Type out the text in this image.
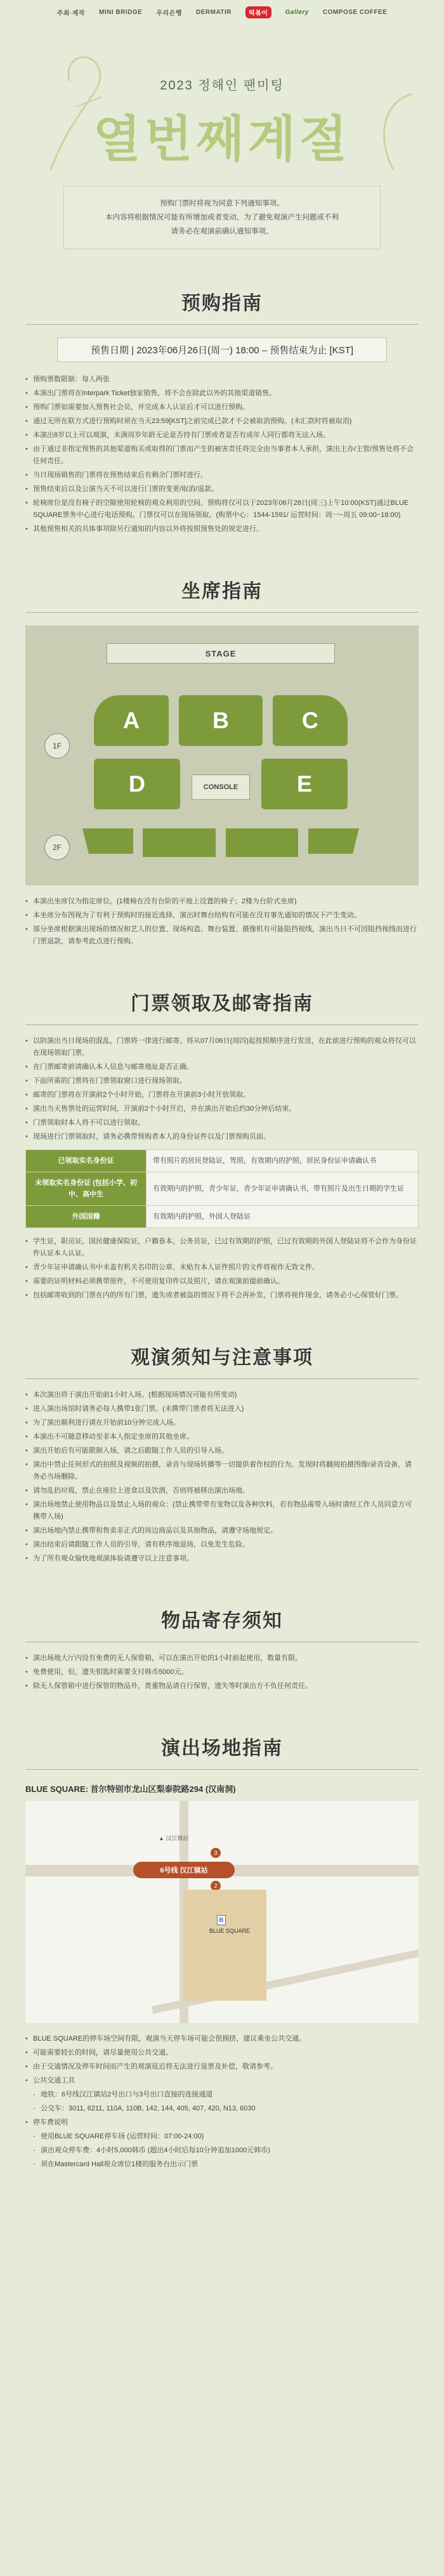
주최·제작 MINI BRIDGE 우리은행 DERMATIR	떡볶이	Gallery COMPOSE COFFEE
2023 정해인 팬미팅
열번째계절
预购门票时将视为同意下列通知事项。
本内容将根据情况可能有所增加或者变动，为了避免观演产生问题或不利
请务必在观演前确认通知事项。
预购指南
预售日期 | 2023年06月26日(周一) 18:00 – 预售结束为止 [KST]
• 预购票数限制：每人两张
• 本演出门票将在Interpark Ticket独家销售，将不会在除此以外的其他渠道销售。
• 预购门票如需要加入预售社会员，并完成本人认证后才可以进行预购。
• 通过无所在联方式进行预购时须在当天23:59[KST]之前完成已款才不会被取消预购。(未汇款时将被取消)
• 本演出8岁以上可以观演，未满周岁年龄无论是否持有门票或者是否有成年人同行都将无法入场。
• 由于通过非指定预售的其他渠道购买或取得的门票而产生的被害责任将完全由当事者本人承担，演出主办/主管/预售处将不会任何责任。
• 当日现场销售的门票将在预售结束后有剩余门票时进行。
• 预售结束后以及公演当天不可以进行门票的变更/取消/退款。
• 轮椅席位是没有椅子的空隙使用轮椅的观众利用的空间。预购将仅可以于2023年06月28日(周三)上午10:00(KST)通过BLUE SQUARE票务中心进行电话预购。门票仅可以在现场领取。(购票中心：1544-1591/ 运营时间：周一~周五 09:00~18:00)
• 其他预售相关的具体事项除另行通知的内容以外将按照预售处的规定进行。
坐席指南
STAGE
A	B	C
D	CONSOLE	E
1F
2F
• 本演出坐席仅为指定席位。(1楼椅在没有台阶的平地上设置的椅子；2楼为台阶式坐席)
• 本坐席分布图视为了有利于预购时的接近选择，演出时舞台结构有可能在没有事先通知的情况下产生变动。
• 部分坐席根据演出现场的情况和艺人的位置、现场构造、舞台装置、摄像机有可能阻挡视线，演出当日不可因阻挡视线而进行门票退款，请参考此点进行预购。
门票领取及邮寄指南
• 以防演出当日现场的混乱，门票将一律进行邮寄。将从07月06日(周四)起按照顺序进行发送，在此前进行预购的观众将仅可以在现场领取门票。
• 在门票邮寄前请确认本人信息与邮寄地址是否正确。
• 下面所需的门票将在门票领取窗口进行现场领取。
• 邮寄的门票将在开演前2个小时开始，门票将在开演前3小时开放领取。
• 演出当天售票处的运营时间，开演前2个小时开启，并在演出开始后约30分钟后结束。
• 门票领取时本人将不可以进行领取。
• 现场进行门票领取时，请务必携带预购者本人的身份证件以及门票预购页面。
已领取实名身份证	带有照片的居民登陆证，驾照，有效期内的护照，居民身份证申请确认书
未领取实名身份证 (包括小学、初中、高中生	有效期内的护照，青少年证，青少年证申请确认书，带有照片及出生日期的学生证
外国国籍	有效期内的护照，外国人登陆证
• 学生证，职员证，国民健康保险证，户籍卷本，公务员证，已过有效期的护照，已过有效期的外国人登陆证将不会作为身份证件认证本人认证。
• 青少年证申请确认书中未盖有机关名印的公章、未贴有本人证件照片的文件将视作无效文件。
• 需要的证明材料必须携带原件，不可使用复印件以及照片，请在观演前提前确认。
• 包括邮寄收到的门票在内的所有门票，遗失或者被盗的情况下将不会再补发，门票将视作现金，请务必小心保管好门票。
观演须知与注意事项
• 本次演出将于演出开始前1小时入场。(根据现场情况可能有所变动)
• 进入演出场馆时请务必每人携带1张门票。(未携带门票者将无法进入)
• 为了演出顺利进行请在开始前10分钟完成入场。
• 本演出不可随意移动至非本人指定坐席的其他坐席。
• 演出开始后有可能限制入场，请之后跟随工作人员的引导入场。
• 演出中禁止任何形式的拍照及视频的拍摄，录音与现场转播等一切提供着作权的行为。发现时将翻阅拍摄图像/录音设备，请务必当场删除。
• 请勿乱扔垃圾，禁止在座位上进食以及饮酒，否则将被移出演出场地。
• 演出场地禁止使用物品以及禁止入场的观众：(禁止携带带有宠物以及各种饮料，若有物品需带入场时请经工作人员同意方可携带入场)
• 演出场地内禁止携带和售卖非正式的周边商品以及其他物品，请遵守场地规定。
• 演出结束后请跟随工作人员的引导，请有秩序地退场，以免发生危险。
• 为了所有观众愉快地观演体验请遵守以上注意事项。
物品寄存须知
• 演出场地大厅内设有免费的无人保管箱，可以在演出开始的1小时前起使用，数量有限。
• 免费使用，但，遗失钥匙时需要支付韩币5000元。
• 除无人保管箱中进行保管的物品外，贵重物品请自行保管，遗失等时演出方不负任何责任。
演出场地指南
BLUE SQUARE: 首尔特别市龙山区梨泰院路294 (汉南洞)
▲ 汉江镇站
6号线 汉江镇站
3
2
B
BLUE SQUARE
• BLUE SQUARE的停车场空间有限，观演当天停车场可能会很拥挤，建议乘坐公共交通。
• 可能需要较长的时间，请尽量使用公共交通。
• 由于交通情况及停车时间而产生的观演延迟将无法进行退票及补偿，敬请参考。
• 公共交通工具
- 地铁：6号线汉江镇站2号出口与3号出口直接的连接通道
- 公交车：3011, 6211, 110A, 110B, 142, 144, 405, 407, 420, N13, 6030
• 停车费说明
- 使用BLUE SQUARE停车场 (运营时间：07:00-24:00)
- 演出观众停车费：4小时5,000韩币 (超出4小时后每10分钟追加1000元韩币)
- 须在Mastercard Hall观众席位1楼的服务台出示门票
